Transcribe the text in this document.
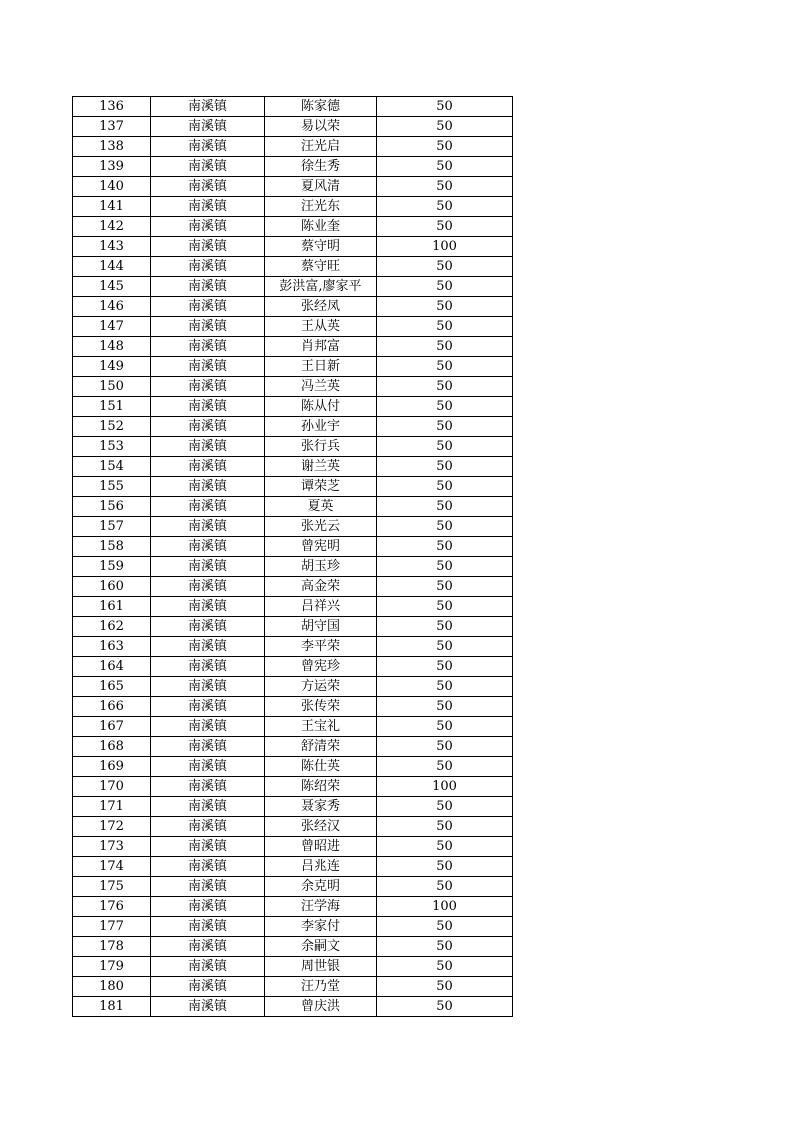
136	南溪镇	陈家德	50
137	南溪镇	易以荣	50
138	南溪镇	汪光启	50
139	南溪镇	徐生秀	50
140	南溪镇	夏风清	50
141	南溪镇	汪光东	50
142	南溪镇	陈业奎	50
143	南溪镇	蔡守明	100
144	南溪镇	蔡守旺	50
145	南溪镇	彭洪富,廖家平	50
146	南溪镇	张经凤	50
147	南溪镇	王从英	50
148	南溪镇	肖邦富	50
149	南溪镇	王日新	50
150	南溪镇	冯兰英	50
151	南溪镇	陈从付	50
152	南溪镇	孙业宇	50
153	南溪镇	张行兵	50
154	南溪镇	谢兰英	50
155	南溪镇	谭荣芝	50
156	南溪镇	夏英	50
157	南溪镇	张光云	50
158	南溪镇	曾宪明	50
159	南溪镇	胡玉珍	50
160	南溪镇	高金荣	50
161	南溪镇	吕祥兴	50
162	南溪镇	胡守国	50
163	南溪镇	李平荣	50
164	南溪镇	曾宪珍	50
165	南溪镇	方运荣	50
166	南溪镇	张传荣	50
167	南溪镇	王宝礼	50
168	南溪镇	舒清荣	50
169	南溪镇	陈仕英	50
170	南溪镇	陈绍荣	100
171	南溪镇	聂家秀	50
172	南溪镇	张经汉	50
173	南溪镇	曾昭进	50
174	南溪镇	吕兆连	50
175	南溪镇	余克明	50
176	南溪镇	汪学海	100
177	南溪镇	李家付	50
178	南溪镇	余嗣文	50
179	南溪镇	周世银	50
180	南溪镇	汪乃堂	50
181	南溪镇	曾庆洪	50
